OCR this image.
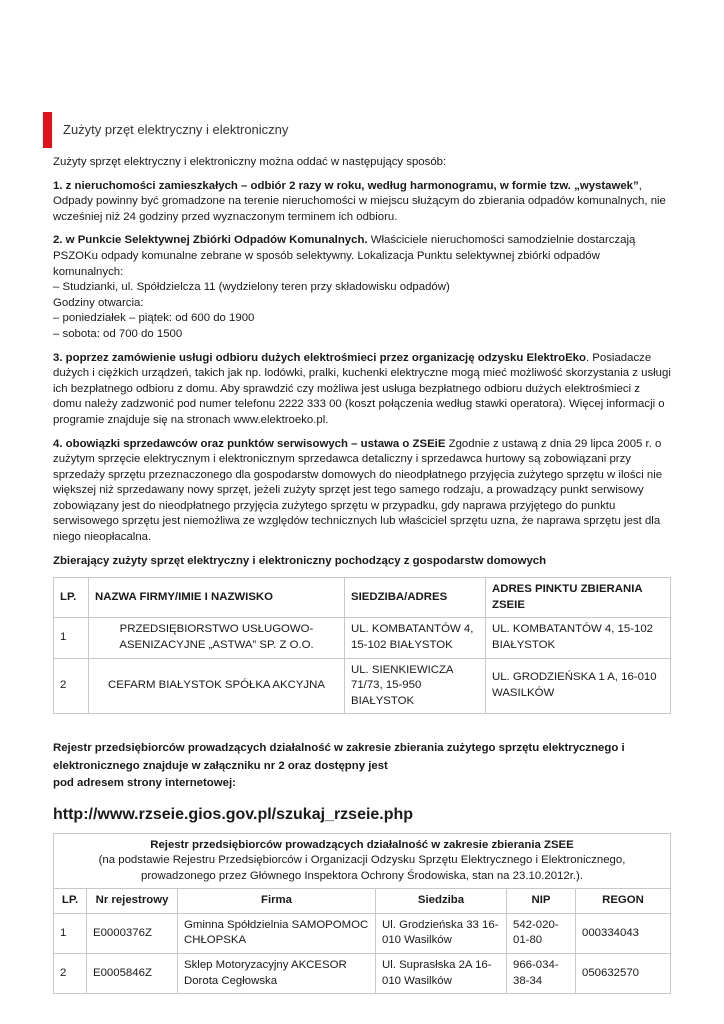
Zużyty przęt elektryczny i elektroniczny

Zużyty sprzęt elektryczny i elektroniczny można oddać w następujący sposób:

1. z nieruchomości zamieszkałych – odbiór 2 razy w roku, według harmonogramu, w formie tzw. „wystawek”, Odpady powinny być gromadzone na terenie nieruchomości w miejscu służącym do zbierania odpadów komunalnych, nie wcześniej niż 24 godziny przed wyznaczonym terminem ich odbioru.

2. w Punkcie Selektywnej Zbiórki Odpadów Komunalnych. Właściciele nieruchomości samodzielnie dostarczają PSZOKu odpady komunalne zebrane w sposób selektywny. Lokalizacja Punktu selektywnej zbiórki odpadów komunalnych:
– Studzianki, ul. Spółdzielcza 11 (wydzielony teren przy składowisku odpadów)
Godziny otwarcia:
– poniedziałek – piątek: od 600 do 1900
– sobota: od 700 do 1500

3. poprzez zamówienie usługi odbioru dużych elektrośmieci przez organizację odzysku ElektroEko. Posiadacze dużych i ciężkich urządzeń, takich jak np. lodówki, pralki, kuchenki elektryczne mogą mieć możliwość skorzystania z usługi ich bezpłatnego odbioru z domu. Aby sprawdzić czy możliwa jest usługa bezpłatnego odbioru dużych elektrośmieci z domu należy zadzwonić pod numer telefonu 2222 333 00 (koszt połączenia według stawki operatora). Więcej informacji o programie znajduje się na stronach www.elektroeko.pl.

4. obowiązki sprzedawców oraz punktów serwisowych – ustawa o ZSEiE Zgodnie z ustawą z dnia 29 lipca 2005 r. o zużytym sprzęcie elektrycznym i elektronicznym sprzedawca detaliczny i sprzedawca hurtowy są zobowiązani przy sprzedaży sprzętu przeznaczonego dla gospodarstw domowych do nieodpłatnego przyjęcia zużytego sprzętu w ilości nie większej niż sprzedawany nowy sprzęt, jeżeli zużyty sprzęt jest tego samego rodzaju, a prowadzący punkt serwisowy zobowiązany jest do nieodpłatnego przyjęcia zużytego sprzętu w przypadku, gdy naprawa przyjętego do punktu serwisowego sprzętu jest niemożliwa ze względów technicznych lub właściciel sprzętu uzna, że naprawa sprzętu jest dla niego nieopłacalna.

Zbierający zużyty sprzęt elektryczny i elektroniczny pochodzący z gospodarstw domowych
LP.	NAZWA FIRMY/IMIE I NAZWISKO	SIEDZIBA/ADRES	ADRES PINKTU ZBIERANIA ZSEIE
1	PRZEDSIĘBIORSTWO USŁUGOWO-ASENIZACYJNE „ASTWA” SP. Z O.O.	UL. KOMBATANTÓW 4, 15-102 BIAŁYSTOK	UL. KOMBATANTÓW 4, 15-102 BIAŁYSTOK
2	CEFARM BIAŁYSTOK SPÓŁKA AKCYJNA	UL. SIENKIEWICZA 71/73, 15-950 BIAŁYSTOK	UL. GRODZIEŃSKA 1 A, 16-010 WASILKÓW
Rejestr przedsiębiorców prowadzących działalność w zakresie zbierania zużytego sprzętu elektrycznego i
elektronicznego znajduje w załączniku nr 2 oraz dostępny jest
pod adresem strony internetowej:
http://www.rzseie.gios.gov.pl/szukaj_rzseie.php
Rejestr przedsiębiorców prowadzących działalność w zakresie zbierania ZSEE
(na podstawie Rejestru Przedsiębiorców i Organizacji Odzysku Sprzętu Elektrycznego i Elektronicznego, prowadzonego przez Głównego Inspektora Ochrony Środowiska, stan na 23.10.2012r.).					

LP.	Nr rejestrowy	Firma	Siedziba	NIP	REGON
1	E0000376Z	Gminna Spółdzielnia SAMOPOMOC CHŁOPSKA	Ul. Grodzieńska 33 16-010 Wasilków	542-020-01-80	000334043
2	E0005846Z	Sklep Motoryzacyjny AKCESOR Dorota Cegłowska	Ul. Suprasłska 2A 16-010 Wasilków	966-034-38-34	050632570
